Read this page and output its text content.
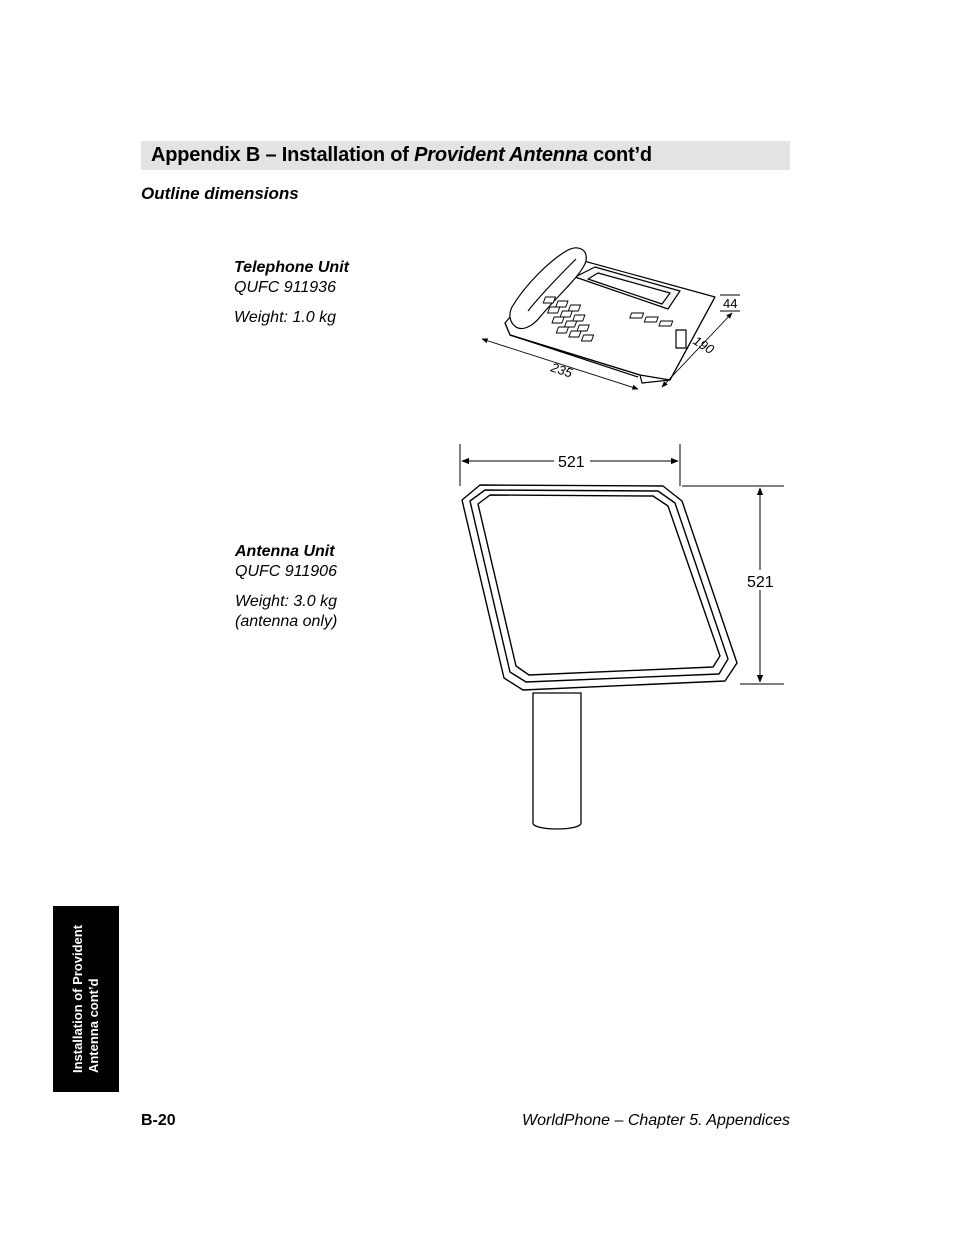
Appendix B – Installation of Provident Antenna cont’d
Outline dimensions
Telephone Unit
QUFC 911936
Weight: 1.0 kg
Antenna Unit
QUFC 911906
Weight: 3.0 kg
(antenna only)
235
190
44
521
521
Installation of Provident Antenna cont’d
B-20	WorldPhone – Chapter 5. Appendices
